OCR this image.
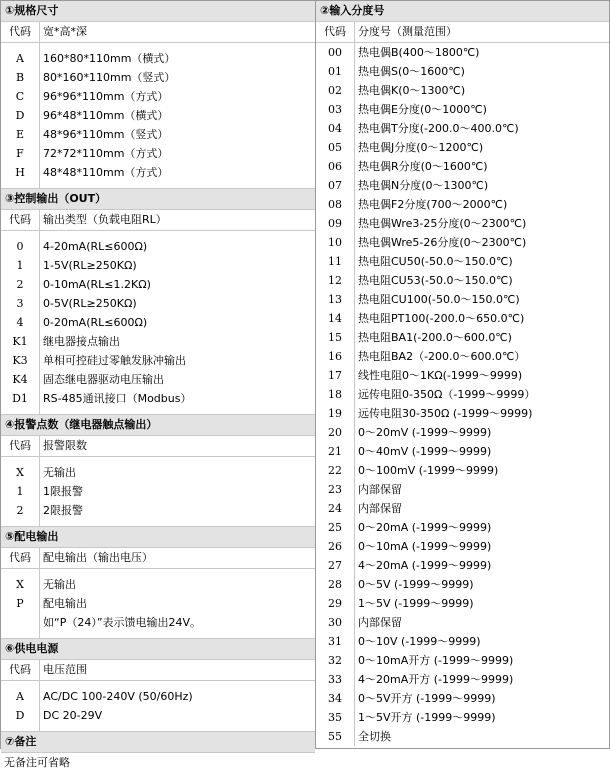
①规格尺寸
代码	宽*高*深
A	160*80*110mm（横式）
B	80*160*110mm（竖式）
C	96*96*110mm（方式）
D	96*48*110mm（横式）
E	48*96*110mm（竖式）
F	72*72*110mm（方式）
H	48*48*110mm（方式）
③控制输出（OUT）
代码	输出类型（负载电阻RL）
0	4-20mA(RL≤600Ω)
1	1-5V(RL≥250KΩ)
2	0-10mA(RL≤1.2KΩ)
3	0-5V(RL≥250KΩ)
4	0-20mA(RL≤600Ω)
K1	继电器接点输出
K3	单相可控硅过零触发脉冲输出
K4	固态继电器驱动电压输出
D1	RS-485通讯接口（Modbus）
④报警点数（继电器触点输出）
代码	报警限数
X	无输出
1	1限报警
2	2限报警
⑤配电输出
代码	配电输出（输出电压）
X	无输出
P	配电输出
如“P（24）”表示馈电输出24V。
⑥供电电源
代码	电压范围
A	AC/DC 100-240V (50/60Hz)
D	DC 20-29V
⑦备注
无备注可省略
②输入分度号
代码	分度号（测量范围）
00	热电偶B(400～1800℃)
01	热电偶S(0～1600℃)
02	热电偶K(0～1300℃)
03	热电偶E分度(0～1000℃)
04	热电偶T分度(-200.0～400.0℃)
05	热电偶J分度(0～1200℃)
06	热电偶R分度(0～1600℃)
07	热电偶N分度(0～1300℃)
08	热电偶F2分度(700～2000℃)
09	热电偶Wre3-25分度(0～2300℃)
10	热电偶Wre5-26分度(0～2300℃)
11	热电阻CU50(-50.0～150.0℃)
12	热电阻CU53(-50.0～150.0℃)
13	热电阻CU100(-50.0～150.0℃)
14	热电阻PT100(-200.0～650.0℃)
15	热电阻BA1(-200.0～600.0℃)
16	热电阻BA2（-200.0～600.0℃）
17	线性电阻0～1KΩ(-1999～9999)
18	远传电阻0-350Ω（-1999～9999）
19	远传电阻30-350Ω (-1999～9999)
20	0～20mV (-1999～9999)
21	0～40mV (-1999～9999)
22	0～100mV (-1999～9999)
23	内部保留
24	内部保留
25	0～20mA (-1999～9999)
26	0～10mA (-1999～9999)
27	4～20mA (-1999～9999)
28	0～5V (-1999～9999)
29	1～5V (-1999～9999)
30	内部保留
31	0～10V (-1999～9999)
32	0～10mA开方 (-1999～9999)
33	4～20mA开方 (-1999～9999)
34	0～5V开方 (-1999～9999)
35	1～5V开方 (-1999～9999)
55	全切换
